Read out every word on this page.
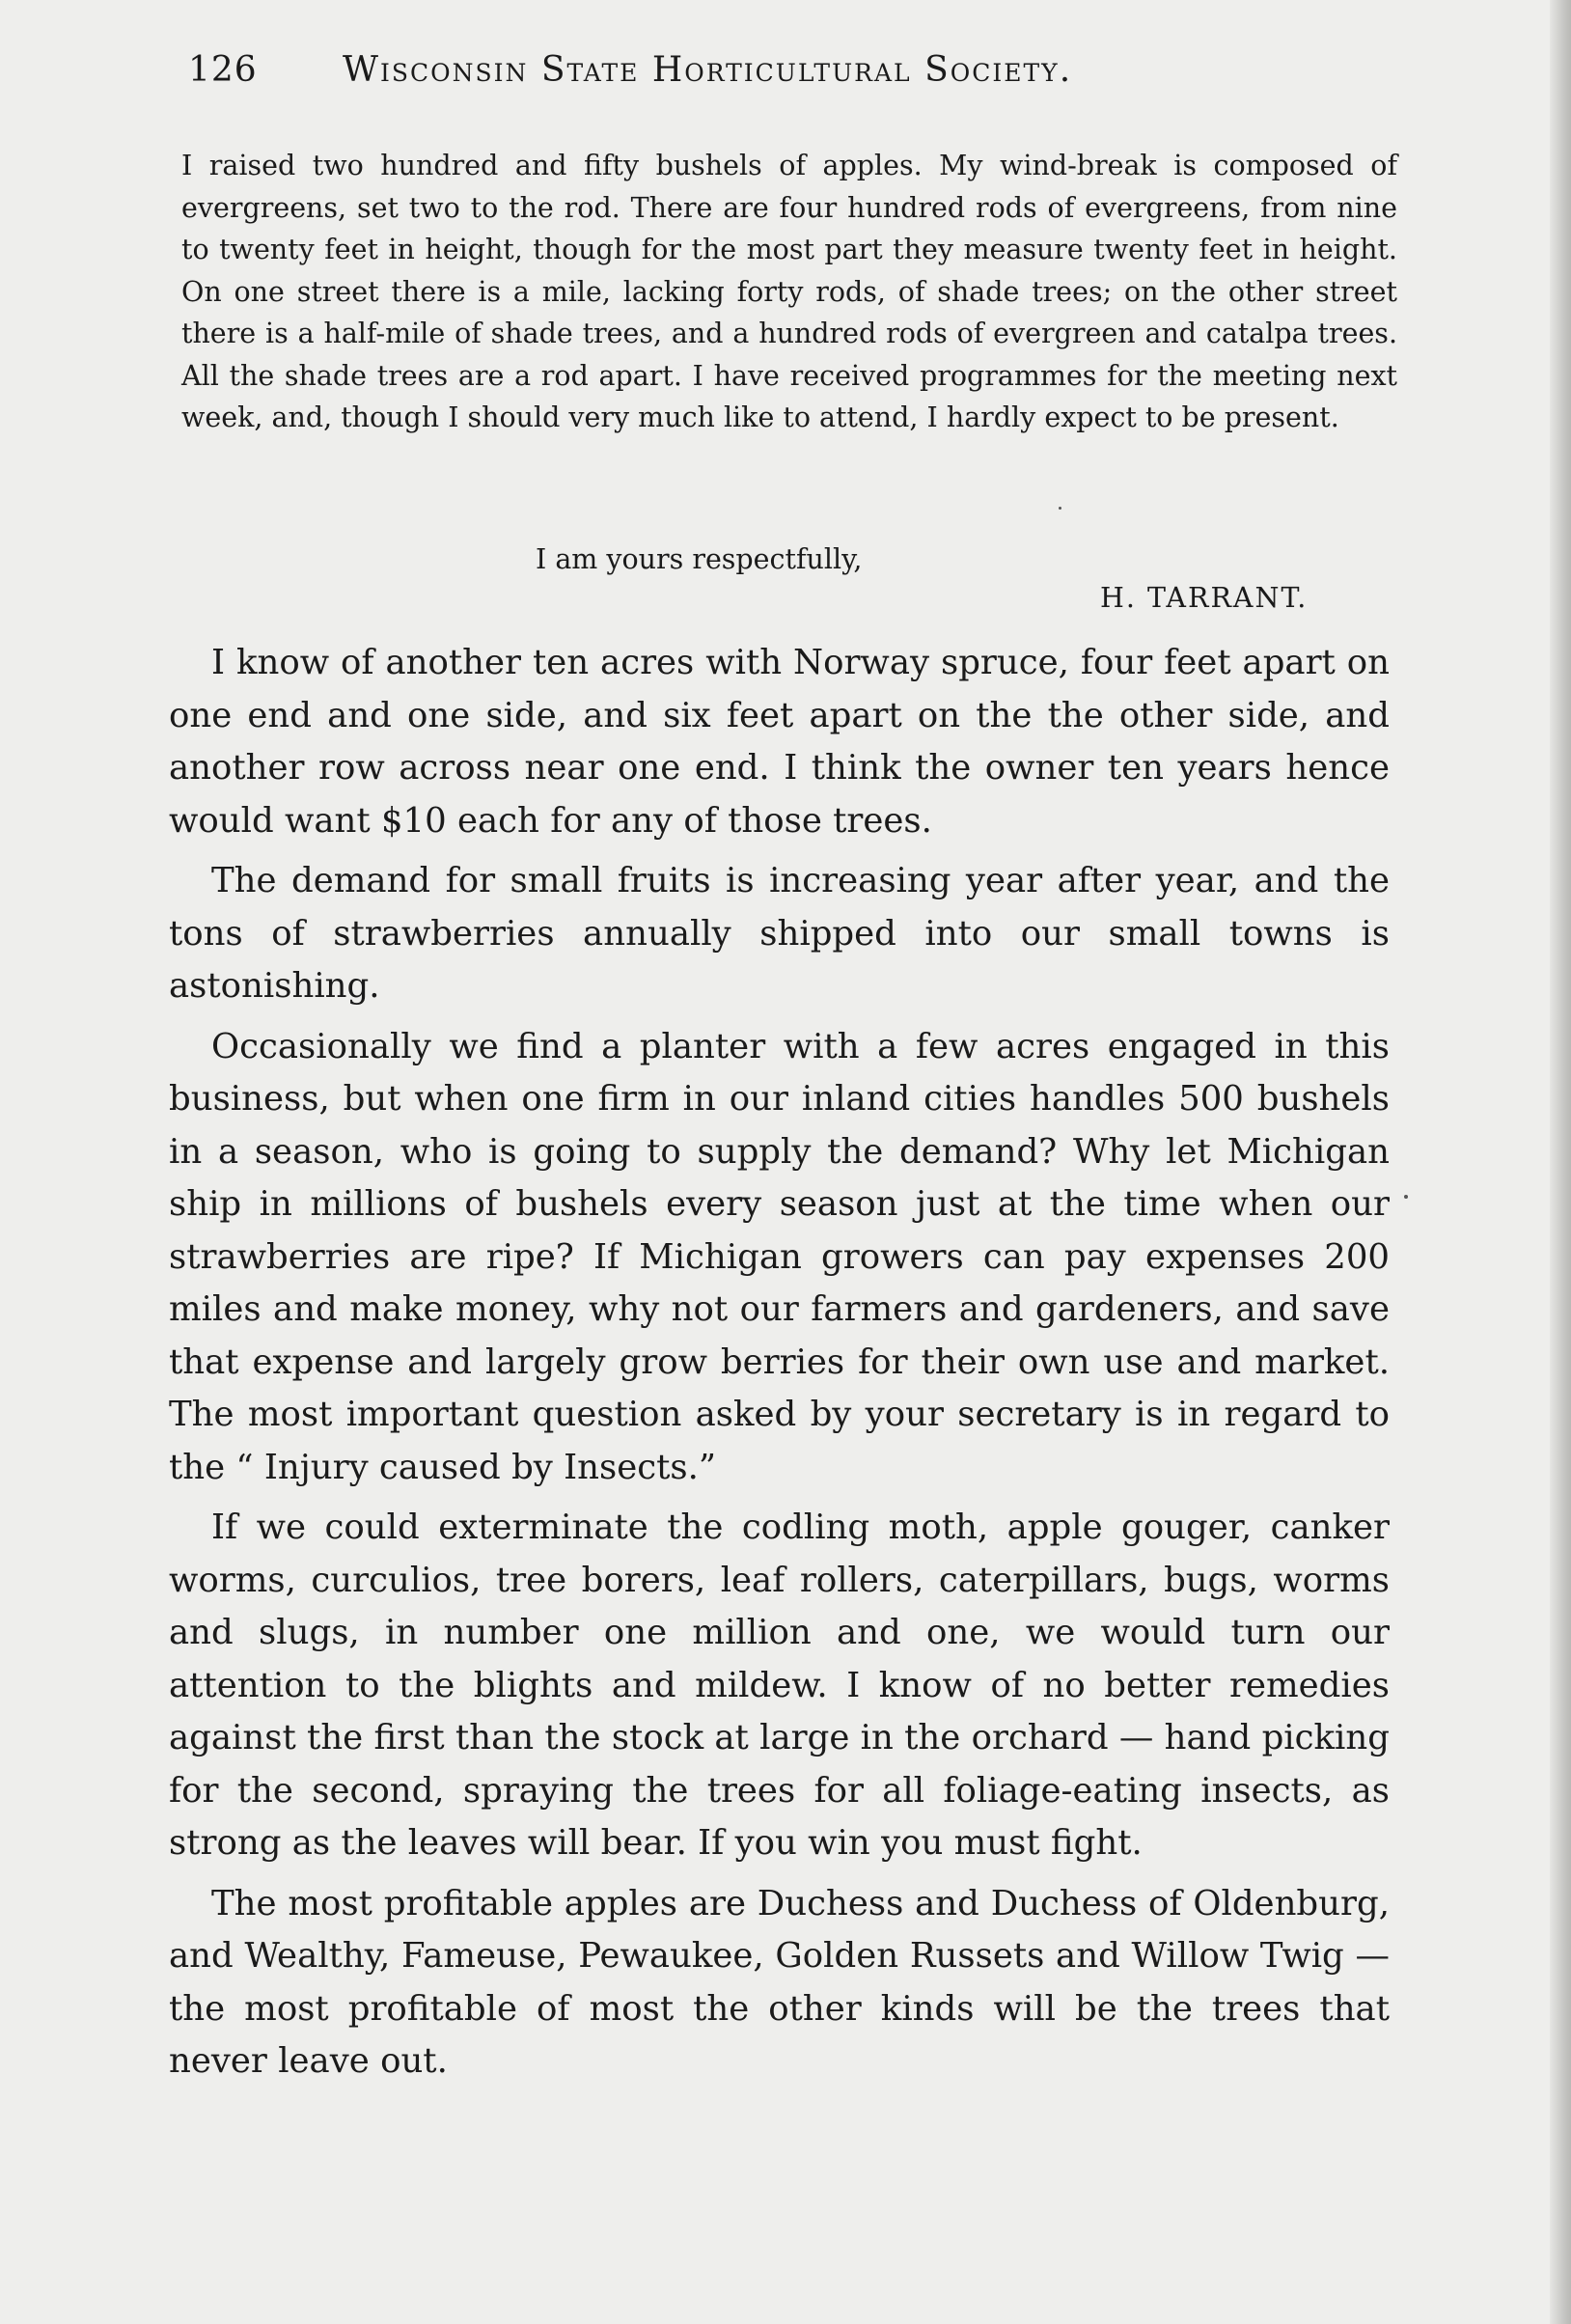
126 Wisconsin State Horticultural Society.

I raised two hundred and fifty bushels of apples. My wind-break is composed of evergreens, set two to the rod. There are four hundred rods of evergreens, from nine to twenty feet in height, though for the most part they measure twenty feet in height. On one street there is a mile, lacking forty rods, of shade trees; on the other street there is a half-mile of shade trees, and a hundred rods of evergreen and catalpa trees. All the shade trees are a rod apart. I have received programmes for the meeting next week, and, though I should very much like to attend, I hardly expect to be present.

I am yours respectfully,
H. TARRANT.

I know of another ten acres with Norway spruce, four feet apart on one end and one side, and six feet apart on the the other side, and another row across near one end. I think the owner ten years hence would want $10 each for any of those trees.

The demand for small fruits is increasing year after year, and the tons of strawberries annually shipped into our small towns is astonishing.

Occasionally we find a planter with a few acres engaged in this business, but when one firm in our inland cities handles 500 bushels in a season, who is going to supply the demand? Why let Michigan ship in millions of bushels every season just at the time when our strawberries are ripe? If Michigan growers can pay expenses 200 miles and make money, why not our farmers and gardeners, and save that expense and largely grow berries for their own use and market. The most important question asked by your secretary is in regard to the “ Injury caused by Insects.”

If we could exterminate the codling moth, apple gouger, canker worms, curculios, tree borers, leaf rollers, caterpillars, bugs, worms and slugs, in number one million and one, we would turn our attention to the blights and mildew. I know of no better remedies against the first than the stock at large in the orchard — hand picking for the second, spraying the trees for all foliage-eating insects, as strong as the leaves will bear. If you win you must fight.

The most profitable apples are Duchess and Duchess of Oldenburg, and Wealthy, Fameuse, Pewaukee, Golden Russets and Willow Twig — the most profitable of most the other kinds will be the trees that never leave out.
